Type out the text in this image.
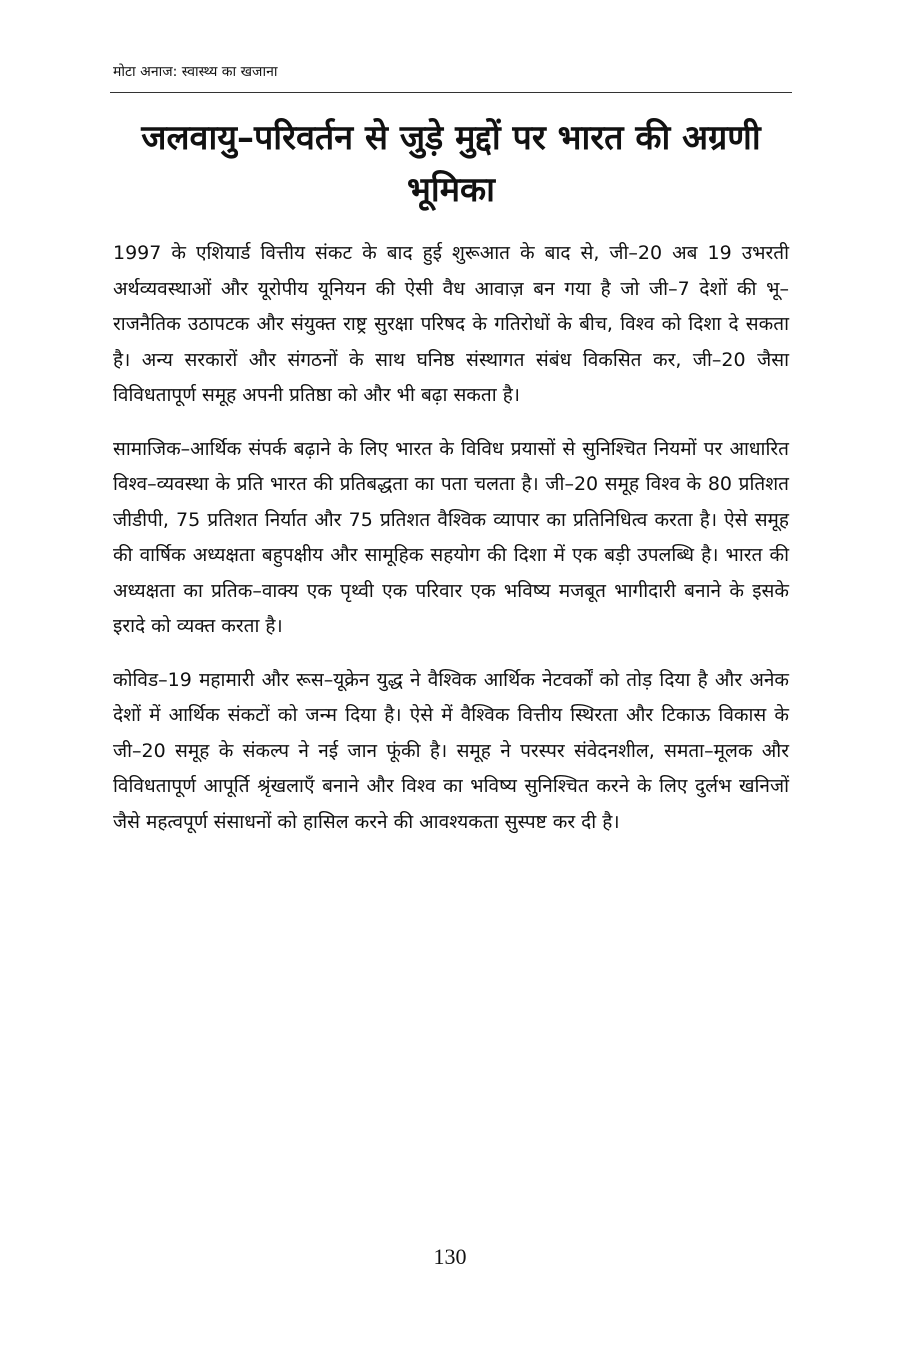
मोटा अनाज: स्वास्थ्य का खजाना
जलवायु–परिवर्तन से जुड़े मुद्दों पर भारत की अग्रणी भूमिका

1997 के एशियार्ड वित्तीय संकट के बाद हुई शुरूआत के बाद से, जी–20 अब 19 उभरती अर्थव्यवस्थाओं और यूरोपीय यूनियन की ऐसी वैध आवाज़ बन गया है जो जी–7 देशों की भू–राजनैतिक उठापटक और संयुक्त राष्ट्र सुरक्षा परिषद के गतिरोधों के बीच, विश्व को दिशा दे सकता है। अन्य सरकारों और संगठनों के साथ घनिष्ठ संस्थागत संबंध विकसित कर, जी–20 जैसा विविधतापूर्ण समूह अपनी प्रतिष्ठा को और भी बढ़ा सकता है।

सामाजिक–आर्थिक संपर्क बढ़ाने के लिए भारत के विविध प्रयासों से सुनिश्चित नियमों पर आधारित विश्व–व्यवस्था के प्रति भारत की प्रतिबद्धता का पता चलता है। जी–20 समूह विश्व के 80 प्रतिशत जीडीपी, 75 प्रतिशत निर्यात और 75 प्रतिशत वैश्विक व्यापार का प्रतिनिधित्व करता है। ऐसे समूह की वार्षिक अध्यक्षता बहुपक्षीय और सामूहिक सहयोग की दिशा में एक बड़ी उपलब्धि है। भारत की अध्यक्षता का प्रतिक–वाक्य एक पृथ्वी एक परिवार एक भविष्य मजबूत भागीदारी बनाने के इसके इरादे को व्यक्त करता है।

कोविड–19 महामारी और रूस–यूक्रेन युद्ध ने वैश्विक आर्थिक नेटवर्कों को तोड़ दिया है और अनेक देशों में आर्थिक संकटों को जन्म दिया है। ऐसे में वैश्विक वित्तीय स्थिरता और टिकाऊ विकास के जी–20 समूह के संकल्प ने नई जान फूंकी है। समूह ने परस्पर संवेदनशील, समता–मूलक और विविधतापूर्ण आपूर्ति श्रृंखलाएँ बनाने और विश्व का भविष्य सुनिश्चित करने के लिए दुर्लभ खनिजों जैसे महत्वपूर्ण संसाधनों को हासिल करने की आवश्यकता सुस्पष्ट कर दी है।

130
